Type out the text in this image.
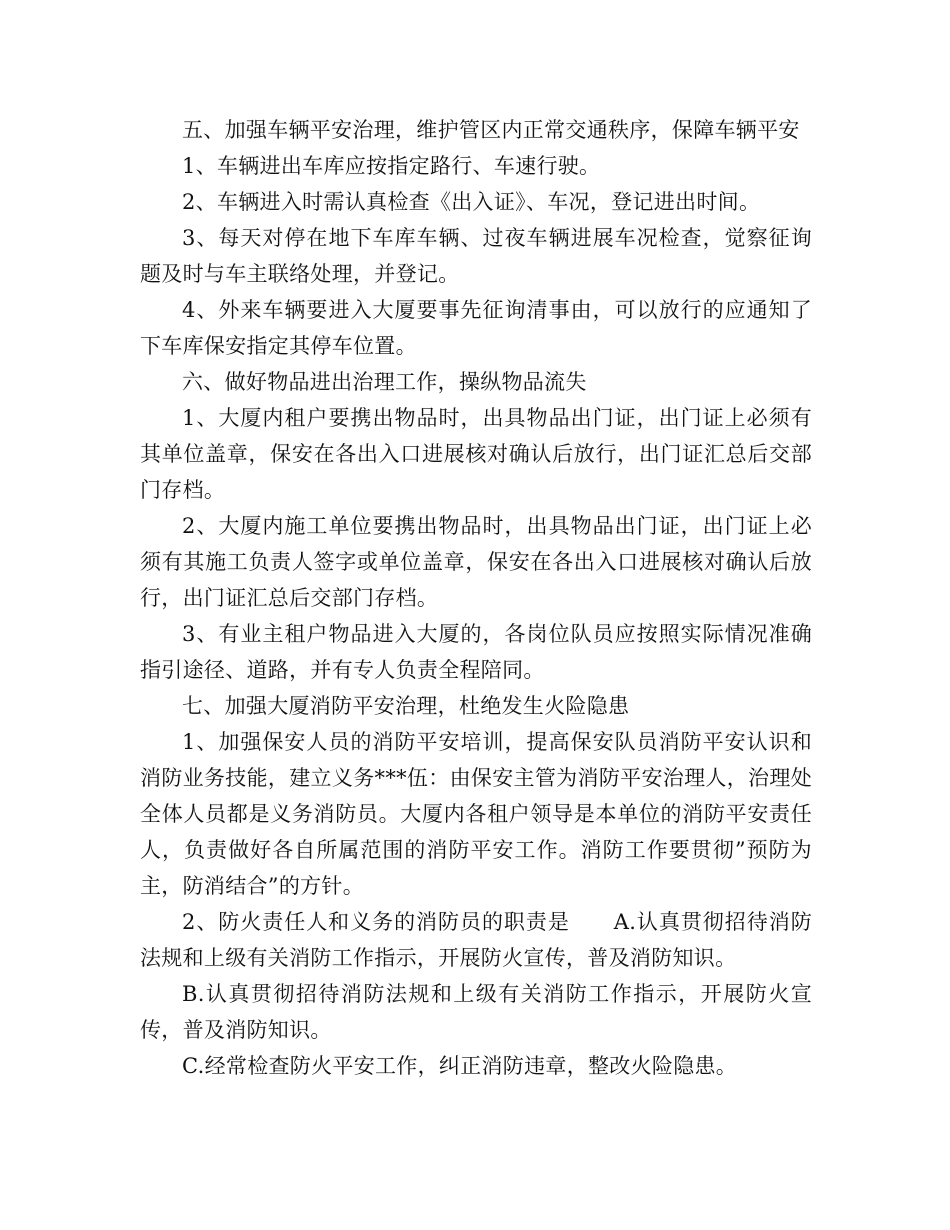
五、加强车辆平安治理，维护管区内正常交通秩序，保障车辆平安

1、车辆进出车库应按指定路行、车速行驶。

2、车辆进入时需认真检查《出入证》、车况，登记进出时间。

3、每天对停在地下车库车辆、过夜车辆进展车况检查，觉察征询题及时与车主联络处理，并登记。

4、外来车辆要进入大厦要事先征询清事由，可以放行的应通知了下车库保安指定其停车位置。

六、做好物品进出治理工作，操纵物品流失

1、大厦内租户要携出物品时，出具物品出门证，出门证上必须有其单位盖章，保安在各出入口进展核对确认后放行，出门证汇总后交部门存档。

2、大厦内施工单位要携出物品时，出具物品出门证，出门证上必须有其施工负责人签字或单位盖章，保安在各出入口进展核对确认后放行，出门证汇总后交部门存档。

3、有业主租户物品进入大厦的，各岗位队员应按照实际情况准确指引途径、道路，并有专人负责全程陪同。

七、加强大厦消防平安治理，杜绝发生火险隐患

1、加强保安人员的消防平安培训，提高保安队员消防平安认识和消防业务技能，建立义务***伍：由保安主管为消防平安治理人，治理处全体人员都是义务消防员。大厦内各租户领导是本单位的消防平安责任人，负责做好各自所属范围的消防平安工作。消防工作要贯彻”预防为主，防消结合”的方针。

2、防火责任人和义务的消防员的职责是　　A.认真贯彻招待消防法规和上级有关消防工作指示，开展防火宣传，普及消防知识。

B.认真贯彻招待消防法规和上级有关消防工作指示，开展防火宣传，普及消防知识。

C.经常检查防火平安工作，纠正消防违章，整改火险隐患。
